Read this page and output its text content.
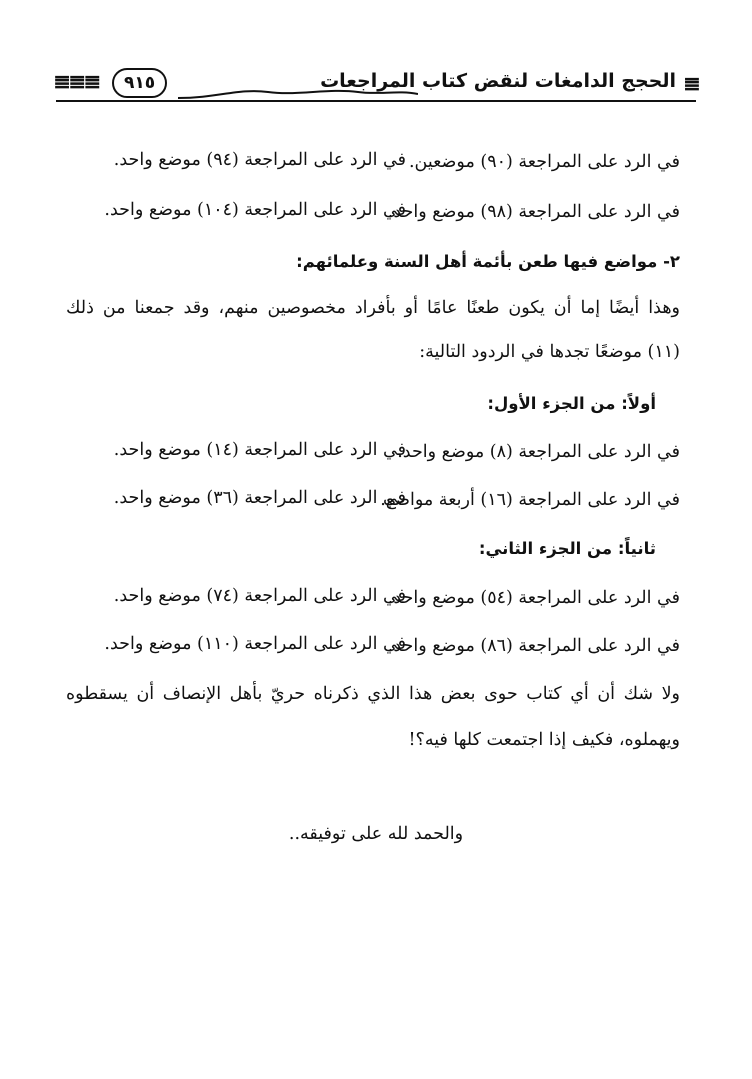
𝌆
الحجج الدامغات لنقض كتاب المراجعات
٩١٥
𝌆𝌆𝌆
في الرد على المراجعة (٩٠) موضعين.
في الرد على المراجعة (٩٤) موضع واحد.
في الرد على المراجعة (٩٨) موضع واحد.
في الرد على المراجعة (١٠٤) موضع واحد.
٢- مواضع فيها طعن بأئمة أهل السنة وعلمائهم:
وهذا أيضًا إما أن يكون طعنًا عامًا أو بأفراد مخصوصين منهم، وقد جمعنا من ذلك
(١١) موضعًا تجدها في الردود التالية:
أولاً: من الجزء الأول:
في الرد على المراجعة (٨) موضع واحد.
في الرد على المراجعة (١٤) موضع واحد.
في الرد على المراجعة (١٦) أربعة مواضع.
في الرد على المراجعة (٣٦) موضع واحد.
ثانياً: من الجزء الثاني:
في الرد على المراجعة (٥٤) موضع واحد.
في الرد على المراجعة (٧٤) موضع واحد.
في الرد على المراجعة (٨٦) موضع واحد.
في الرد على المراجعة (١١٠) موضع واحد.
ولا شك أن أي كتاب حوى بعض هذا الذي ذكرناه حريّ بأهل الإنصاف أن يسقطوه
ويهملوه، فكيف إذا اجتمعت كلها فيه؟!
والحمد لله على توفيقه..
